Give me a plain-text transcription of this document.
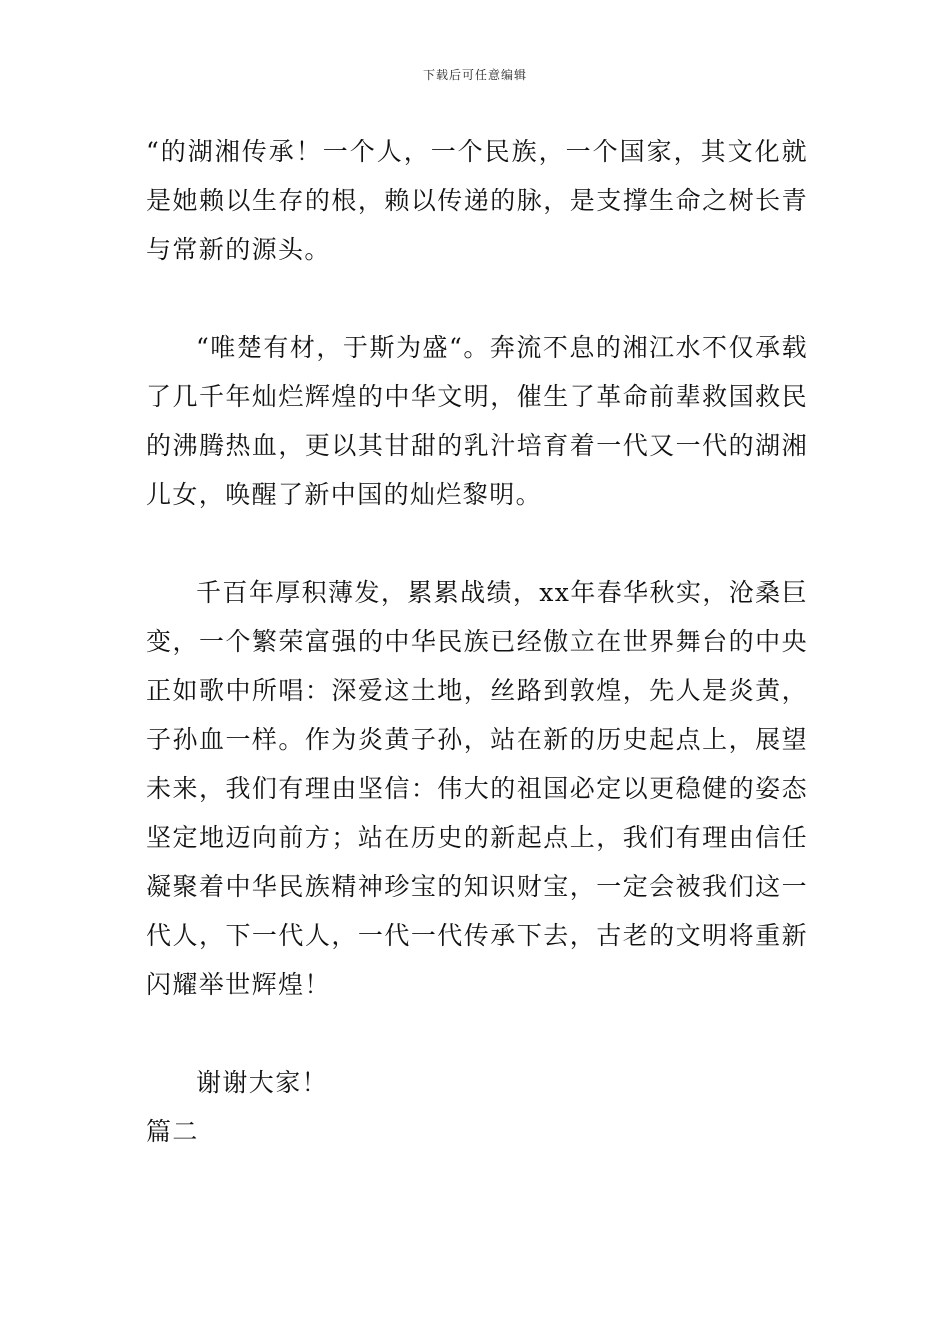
下载后可任意编辑

“的湖湘传承！一个人，一个民族，一个国家，其文化就是她赖以生存的根，赖以传递的脉，是支撑生命之树长青与常新的源头。

“唯楚有材，于斯为盛“。奔流不息的湘江水不仅承载了几千年灿烂辉煌的中华文明，催生了革命前辈救国救民的沸腾热血，更以其甘甜的乳汁培育着一代又一代的湖湘儿女，唤醒了新中国的灿烂黎明。

千百年厚积薄发，累累战绩，xx年春华秋实，沧桑巨变，一个繁荣富强的中华民族已经傲立在世界舞台的中央正如歌中所唱：深爱这土地，丝路到敦煌，先人是炎黄，子孙血一样。作为炎黄子孙，站在新的历史起点上，展望未来，我们有理由坚信：伟大的祖国必定以更稳健的姿态坚定地迈向前方；站在历史的新起点上，我们有理由信任凝聚着中华民族精神珍宝的知识财宝，一定会被我们这一代人，下一代人，一代一代传承下去，古老的文明将重新闪耀举世辉煌！

谢谢大家！

篇二
